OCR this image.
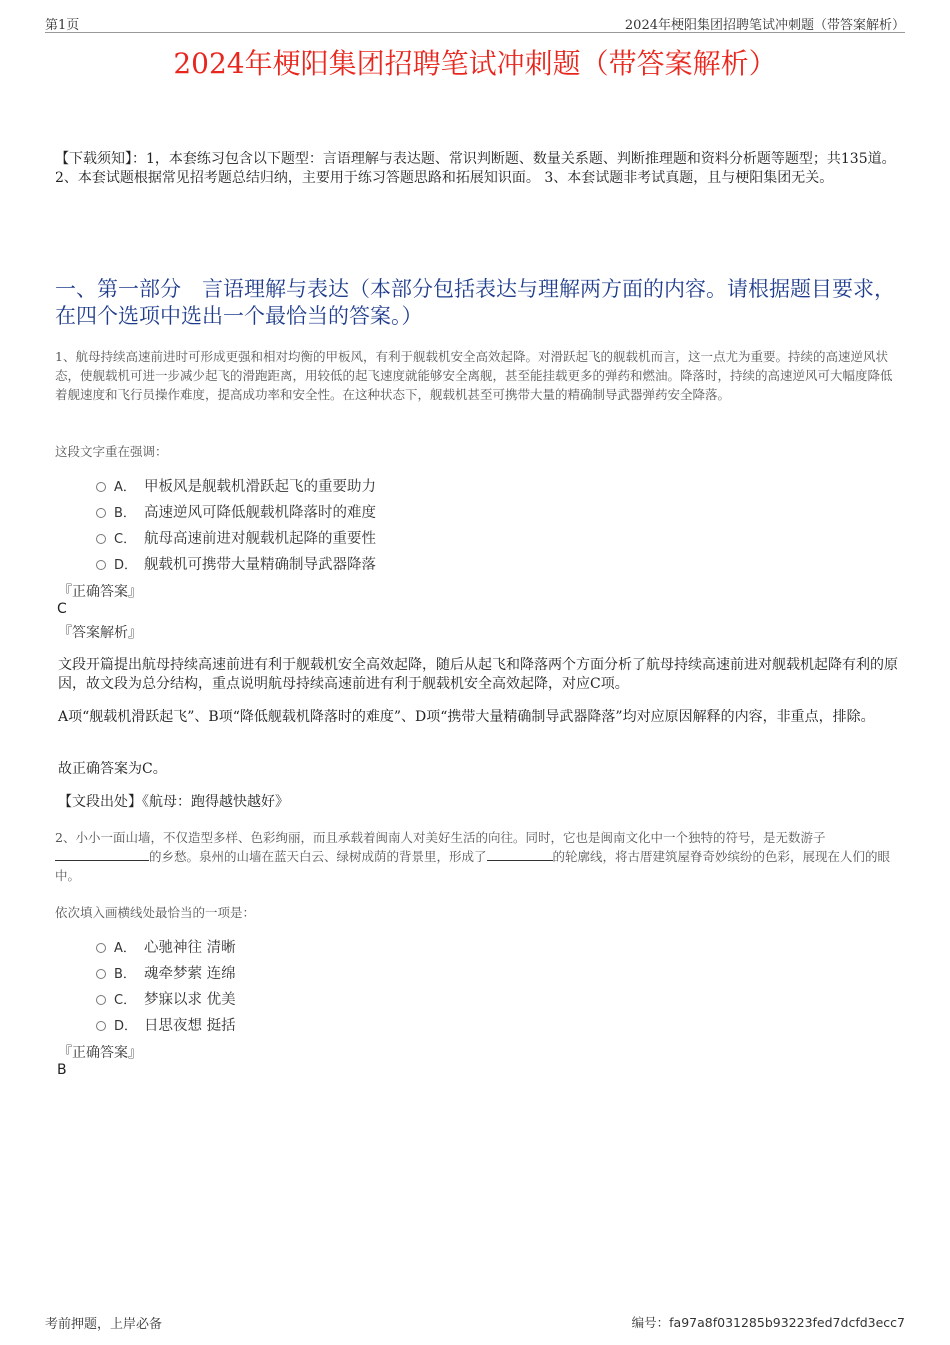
第1页	2024年梗阳集团招聘笔试冲刺题（带答案解析）
2024年梗阳集团招聘笔试冲刺题（带答案解析）
【下载须知】：1，本套练习包含以下题型：言语理解与表达题、常识判断题、数量关系题、判断推理题和资料分析题等题型；共135道。 2、本套试题根据常见招考题总结归纳，主要用于练习答题思路和拓展知识面。 3、本套试题非考试真题，且与梗阳集团无关。
一、第一部分　言语理解与表达（本部分包括表达与理解两方面的内容。请根据题目要求，在四个选项中选出一个最恰当的答案。）
1、航母持续高速前进时可形成更强和相对均衡的甲板风，有利于舰载机安全高效起降。对滑跃起飞的舰载机而言，这一点尤为重要。持续的高速逆风状态，使舰载机可进一步减少起飞的滑跑距离，用较低的起飞速度就能够安全离舰，甚至能挂载更多的弹药和燃油。降落时，持续的高速逆风可大幅度降低着舰速度和飞行员操作难度，提高成功率和安全性。在这种状态下，舰载机甚至可携带大量的精确制导武器弹药安全降落。
这段文字重在强调：
A． 甲板风是舰载机滑跃起飞的重要助力
B． 高速逆风可降低舰载机降落时的难度
C． 航母高速前进对舰载机起降的重要性
D． 舰载机可携带大量精确制导武器降落
『正确答案』
C
『答案解析』
文段开篇提出航母持续高速前进有利于舰载机安全高效起降，随后从起飞和降落两个方面分析了航母持续高速前进对舰载机起降有利的原因，故文段为总分结构，重点说明航母持续高速前进有利于舰载机安全高效起降，对应C项。
A项“舰载机滑跃起飞”、B项“降低舰载机降落时的难度”、D项“携带大量精确制导武器降落”均对应原因解释的内容，非重点，排除。
故正确答案为C。
【文段出处】《航母：跑得越快越好》
2、小小一面山墙，不仅造型多样、色彩绚丽，而且承载着闽南人对美好生活的向往。同时，它也是闽南文化中一个独特的符号，是无数游子的乡愁。泉州的山墙在蓝天白云、绿树成荫的背景里，形成了	的轮廓线，将古厝建筑屋脊奇妙缤纷的色彩，展现在人们的眼中。
依次填入画横线处最恰当的一项是：
A． 心驰神往 清晰
B． 魂牵梦萦 连绵
C． 梦寐以求 优美
D． 日思夜想 挺括
『正确答案』
B
考前押题，上岸必备	编号：fa97a8f031285b93223fed7dcfd3ecc7
